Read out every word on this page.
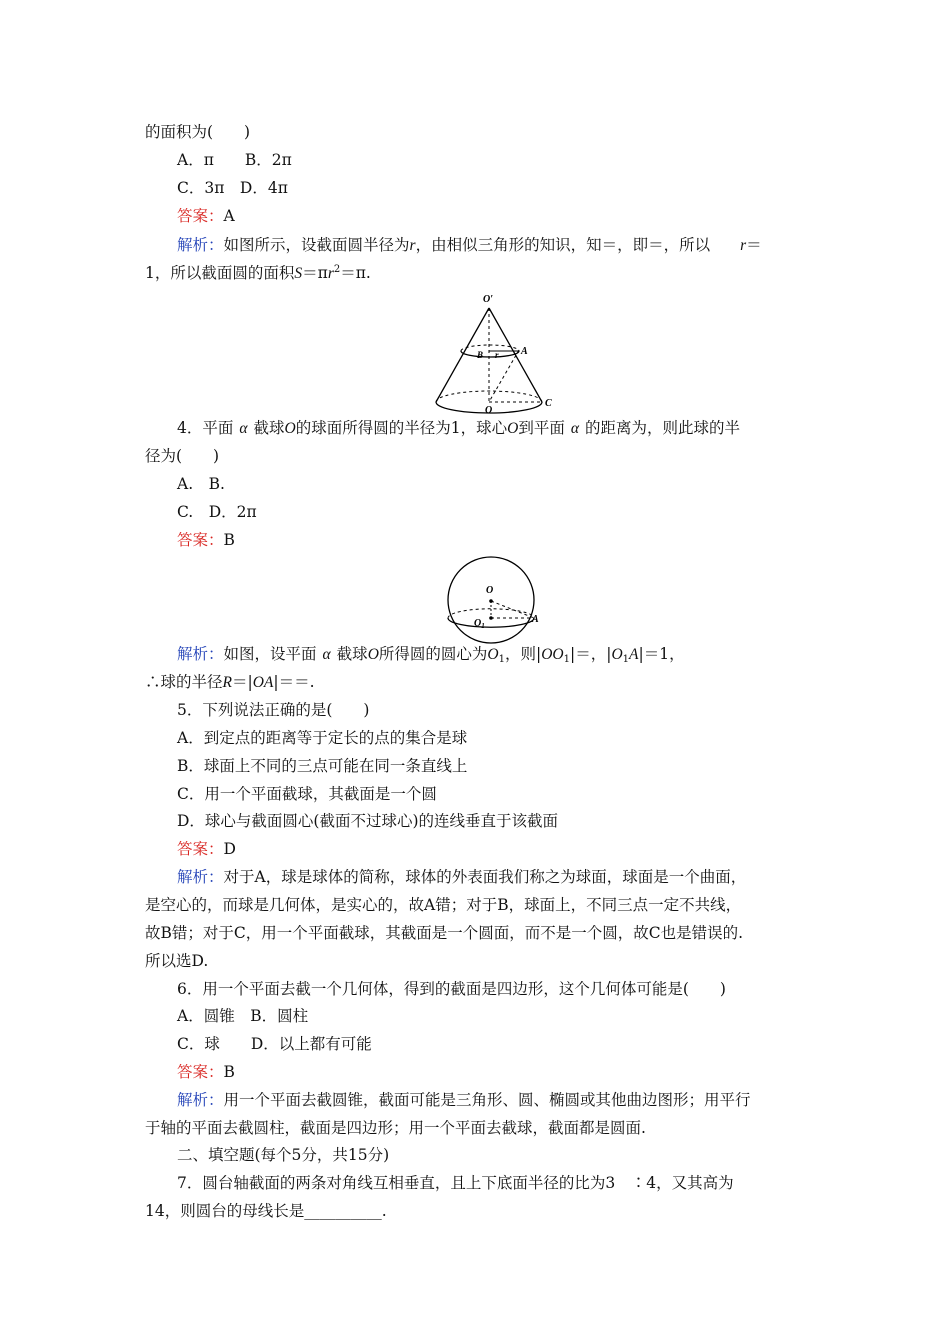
的面积为(　　)
A．π　　B．2π
C．3π　D．4π
答案：A
解析：如图所示，设截面圆半径为r，由相似三角形的知识，知＝，即＝，所以 r＝
1，所以截面圆的面积$S=\pi r^2=\pi$.
O′
B r A
O
C
4．平面 α 截球O的球面所得圆的半径为1，球心O到平面 α 的距离为，则此球的半
径为(　　)
A.　B.
C.　D．2π
答案：B
O
$O_1$
A
解析：如图，设平面 α 截球O所得圆的圆心为$O_1$，则$|OO_1|=$，$|O_1A|=1$，
∴球的半径R＝|OA|＝＝.
5．下列说法正确的是(　　)
A．到定点的距离等于定长的点的集合是球
B．球面上不同的三点可能在同一条直线上
C．用一个平面截球，其截面是一个圆
D．球心与截面圆心(截面不过球心)的连线垂直于该截面
答案：D
解析：对于A，球是球体的简称，球体的外表面我们称之为球面，球面是一个曲面，
是空心的，而球是几何体，是实心的，故A错；对于B，球面上，不同三点一定不共线，
故B错；对于C，用一个平面截球，其截面是一个圆面，而不是一个圆，故C也是错误的.
所以选D.
6．用一个平面去截一个几何体，得到的截面是四边形，这个几何体可能是(　　)
A．圆锥　B．圆柱
C．球　　D．以上都有可能
答案：B
解析：用一个平面去截圆锥，截面可能是三角形、圆、椭圆或其他曲边图形；用平行
于轴的平面去截圆柱，截面是四边形；用一个平面去截球，截面都是圆面.
二、填空题(每个5分，共15分)
7．圆台轴截面的两条对角线互相垂直，且上下底面半径的比为3　∶4，又其高为
14，则圆台的母线长是__________.
